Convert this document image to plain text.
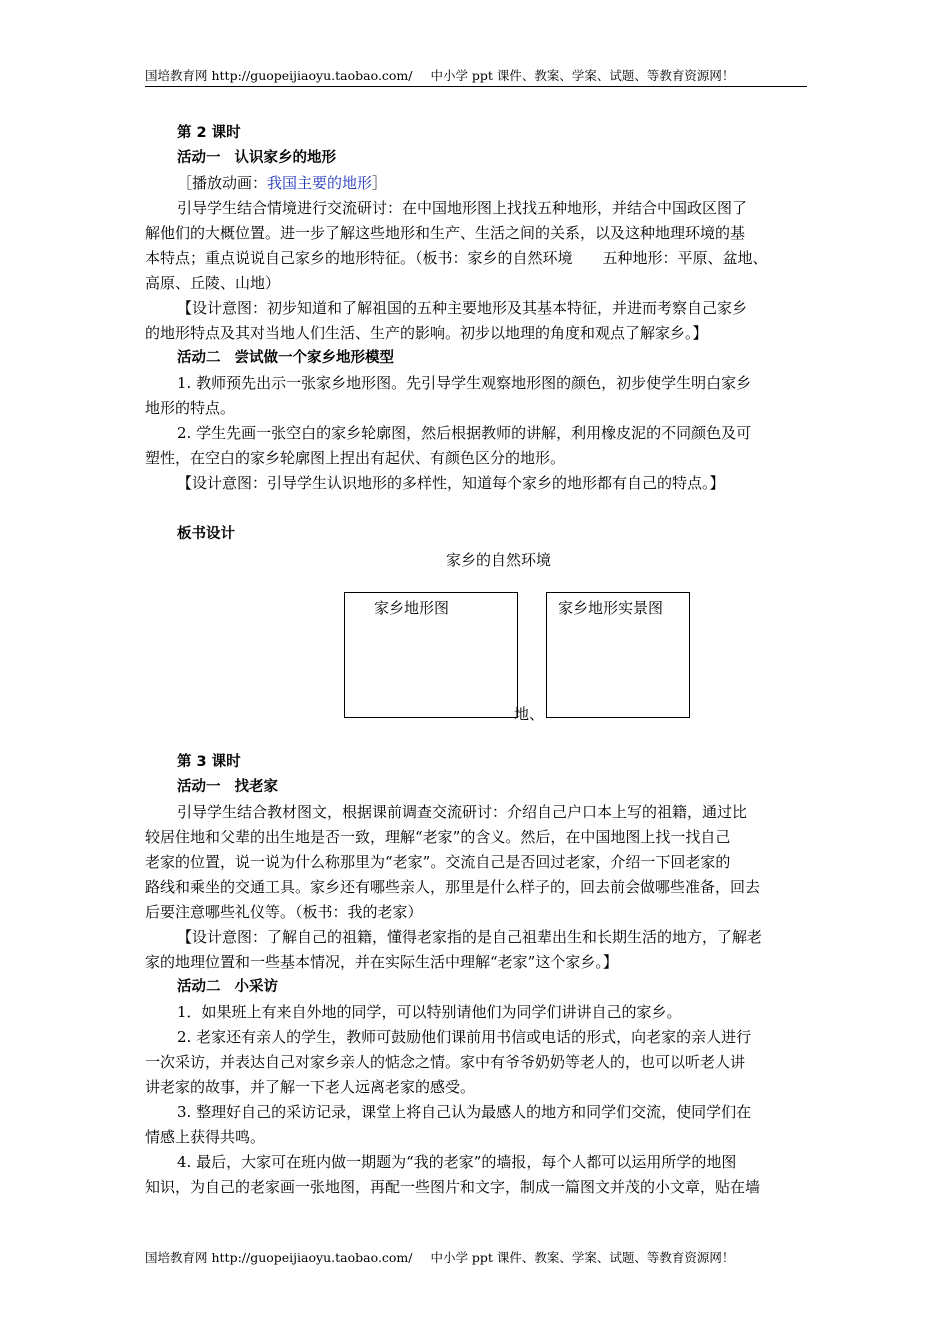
国培教育网 http://guopeijiaoyu.taobao.com/ 中小学 ppt 课件、教案、学案、试题、等教育资源网！
第 2 课时
活动一 认识家乡的地形
［播放动画：我国主要的地形］
引导学生结合情境进行交流研讨：在中国地形图上找找五种地形，并结合中国政区图了
解他们的大概位置。进一步了解这些地形和生产、生活之间的关系，以及这种地理环境的基
本特点；重点说说自己家乡的地形特征。（板书：家乡的自然环境　　五种地形：平原、盆地、
高原、丘陵、山地）
【设计意图：初步知道和了解祖国的五种主要地形及其基本特征，并进而考察自己家乡
的地形特点及其对当地人们生活、生产的影响。初步以地理的角度和观点了解家乡。】
活动二 尝试做一个家乡地形模型
1. 教师预先出示一张家乡地形图。先引导学生观察地形图的颜色，初步使学生明白家乡
地形的特点。
2. 学生先画一张空白的家乡轮廓图，然后根据教师的讲解，利用橡皮泥的不同颜色及可
塑性，在空白的家乡轮廓图上捏出有起伏、有颜色区分的地形。
【设计意图：引导学生认识地形的多样性，知道每个家乡的地形都有自己的特点。】
板书设计
家乡的自然环境
家乡地形图	家乡地形实景图
地、
第 3 课时
活动一 找老家
引导学生结合教材图文，根据课前调查交流研讨：介绍自己户口本上写的祖籍，通过比
较居住地和父辈的出生地是否一致，理解“老家”的含义。然后，在中国地图上找一找自己
老家的位置，说一说为什么称那里为“老家”。交流自己是否回过老家，介绍一下回老家的
路线和乘坐的交通工具。家乡还有哪些亲人，那里是什么样子的，回去前会做哪些准备，回去
后要注意哪些礼仪等。（板书：我的老家）
【设计意图：了解自己的祖籍，懂得老家指的是自己祖辈出生和长期生活的地方，了解老
家的地理位置和一些基本情况，并在实际生活中理解“老家”这个家乡。】
活动二 小采访
1．如果班上有来自外地的同学，可以特别请他们为同学们讲讲自己的家乡。
2. 老家还有亲人的学生，教师可鼓励他们课前用书信或电话的形式，向老家的亲人进行
一次采访，并表达自己对家乡亲人的惦念之情。家中有爷爷奶奶等老人的，也可以听老人讲
讲老家的故事，并了解一下老人远离老家的感受。
3. 整理好自己的采访记录，课堂上将自己认为最感人的地方和同学们交流，使同学们在
情感上获得共鸣。
4. 最后，大家可在班内做一期题为“我的老家”的墙报，每个人都可以运用所学的地图
知识，为自己的老家画一张地图，再配一些图片和文字，制成一篇图文并茂的小文章，贴在墙
国培教育网 http://guopeijiaoyu.taobao.com/ 中小学 ppt 课件、教案、学案、试题、等教育资源网！
